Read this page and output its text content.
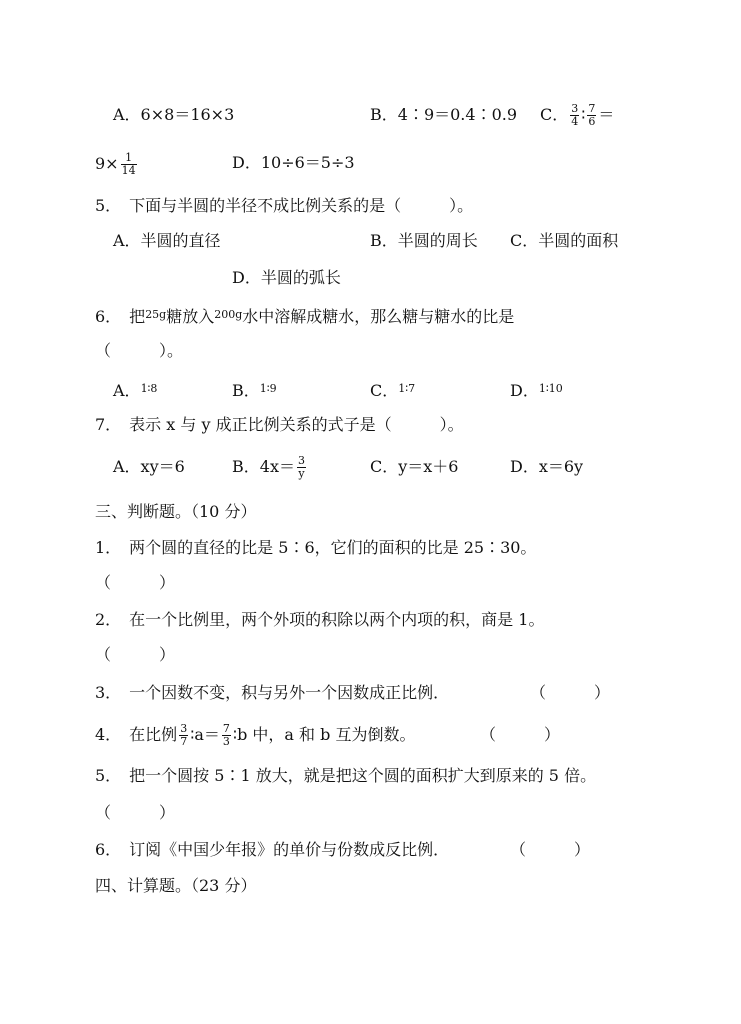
A．6×8＝16×3	B．4∶9＝0.4∶0.9 C． $\frac{3}{4}$ ∶ $\frac{7}{6}$ ＝
$9\times \frac{1}{14}$	D．10÷6＝5÷3
5．　下面与半圆的半径不成比例关系的是（　　　）。
A．半圆的直径	B．半圆的周长 C．半圆的面积
D．半圆的弧长
6．　把$^{25g}$糖放入$^{200g}$水中溶解成糖水，那么糖与糖水的比是
（　　　）。
A．$^{1∶8}$	B．$^{1∶9}$	C．$^{1∶7}$	D．$^{1∶10}$
7．　表示 x 与 y 成正比例关系的式子是（　　　）。
A．xy＝6	B．$4x= \frac{3}{y}$	C．y＝x＋6	D．x＝6y
三、判断题。（10 分）
1．　两个圆的直径的比是 5∶6，它们的面积的比是 25∶30。
（　　　）
2．　在一个比例里，两个外项的积除以两个内项的积，商是 1。
（　　　）
3．　一个因数不变，积与另外一个因数成正比例．	（　　　）
4．　在比例 $\frac{3}{7}$ ∶a＝ $\frac{7}{3}$ ∶b 中，a 和 b 互为倒数。	（　　　）
5．　把一个圆按 5∶1 放大，就是把这个圆的面积扩大到原来的 5 倍。
（　　　）
6．　订阅《中国少年报》的单价与份数成反比例．	（　　　）
四、计算题。（23 分）
